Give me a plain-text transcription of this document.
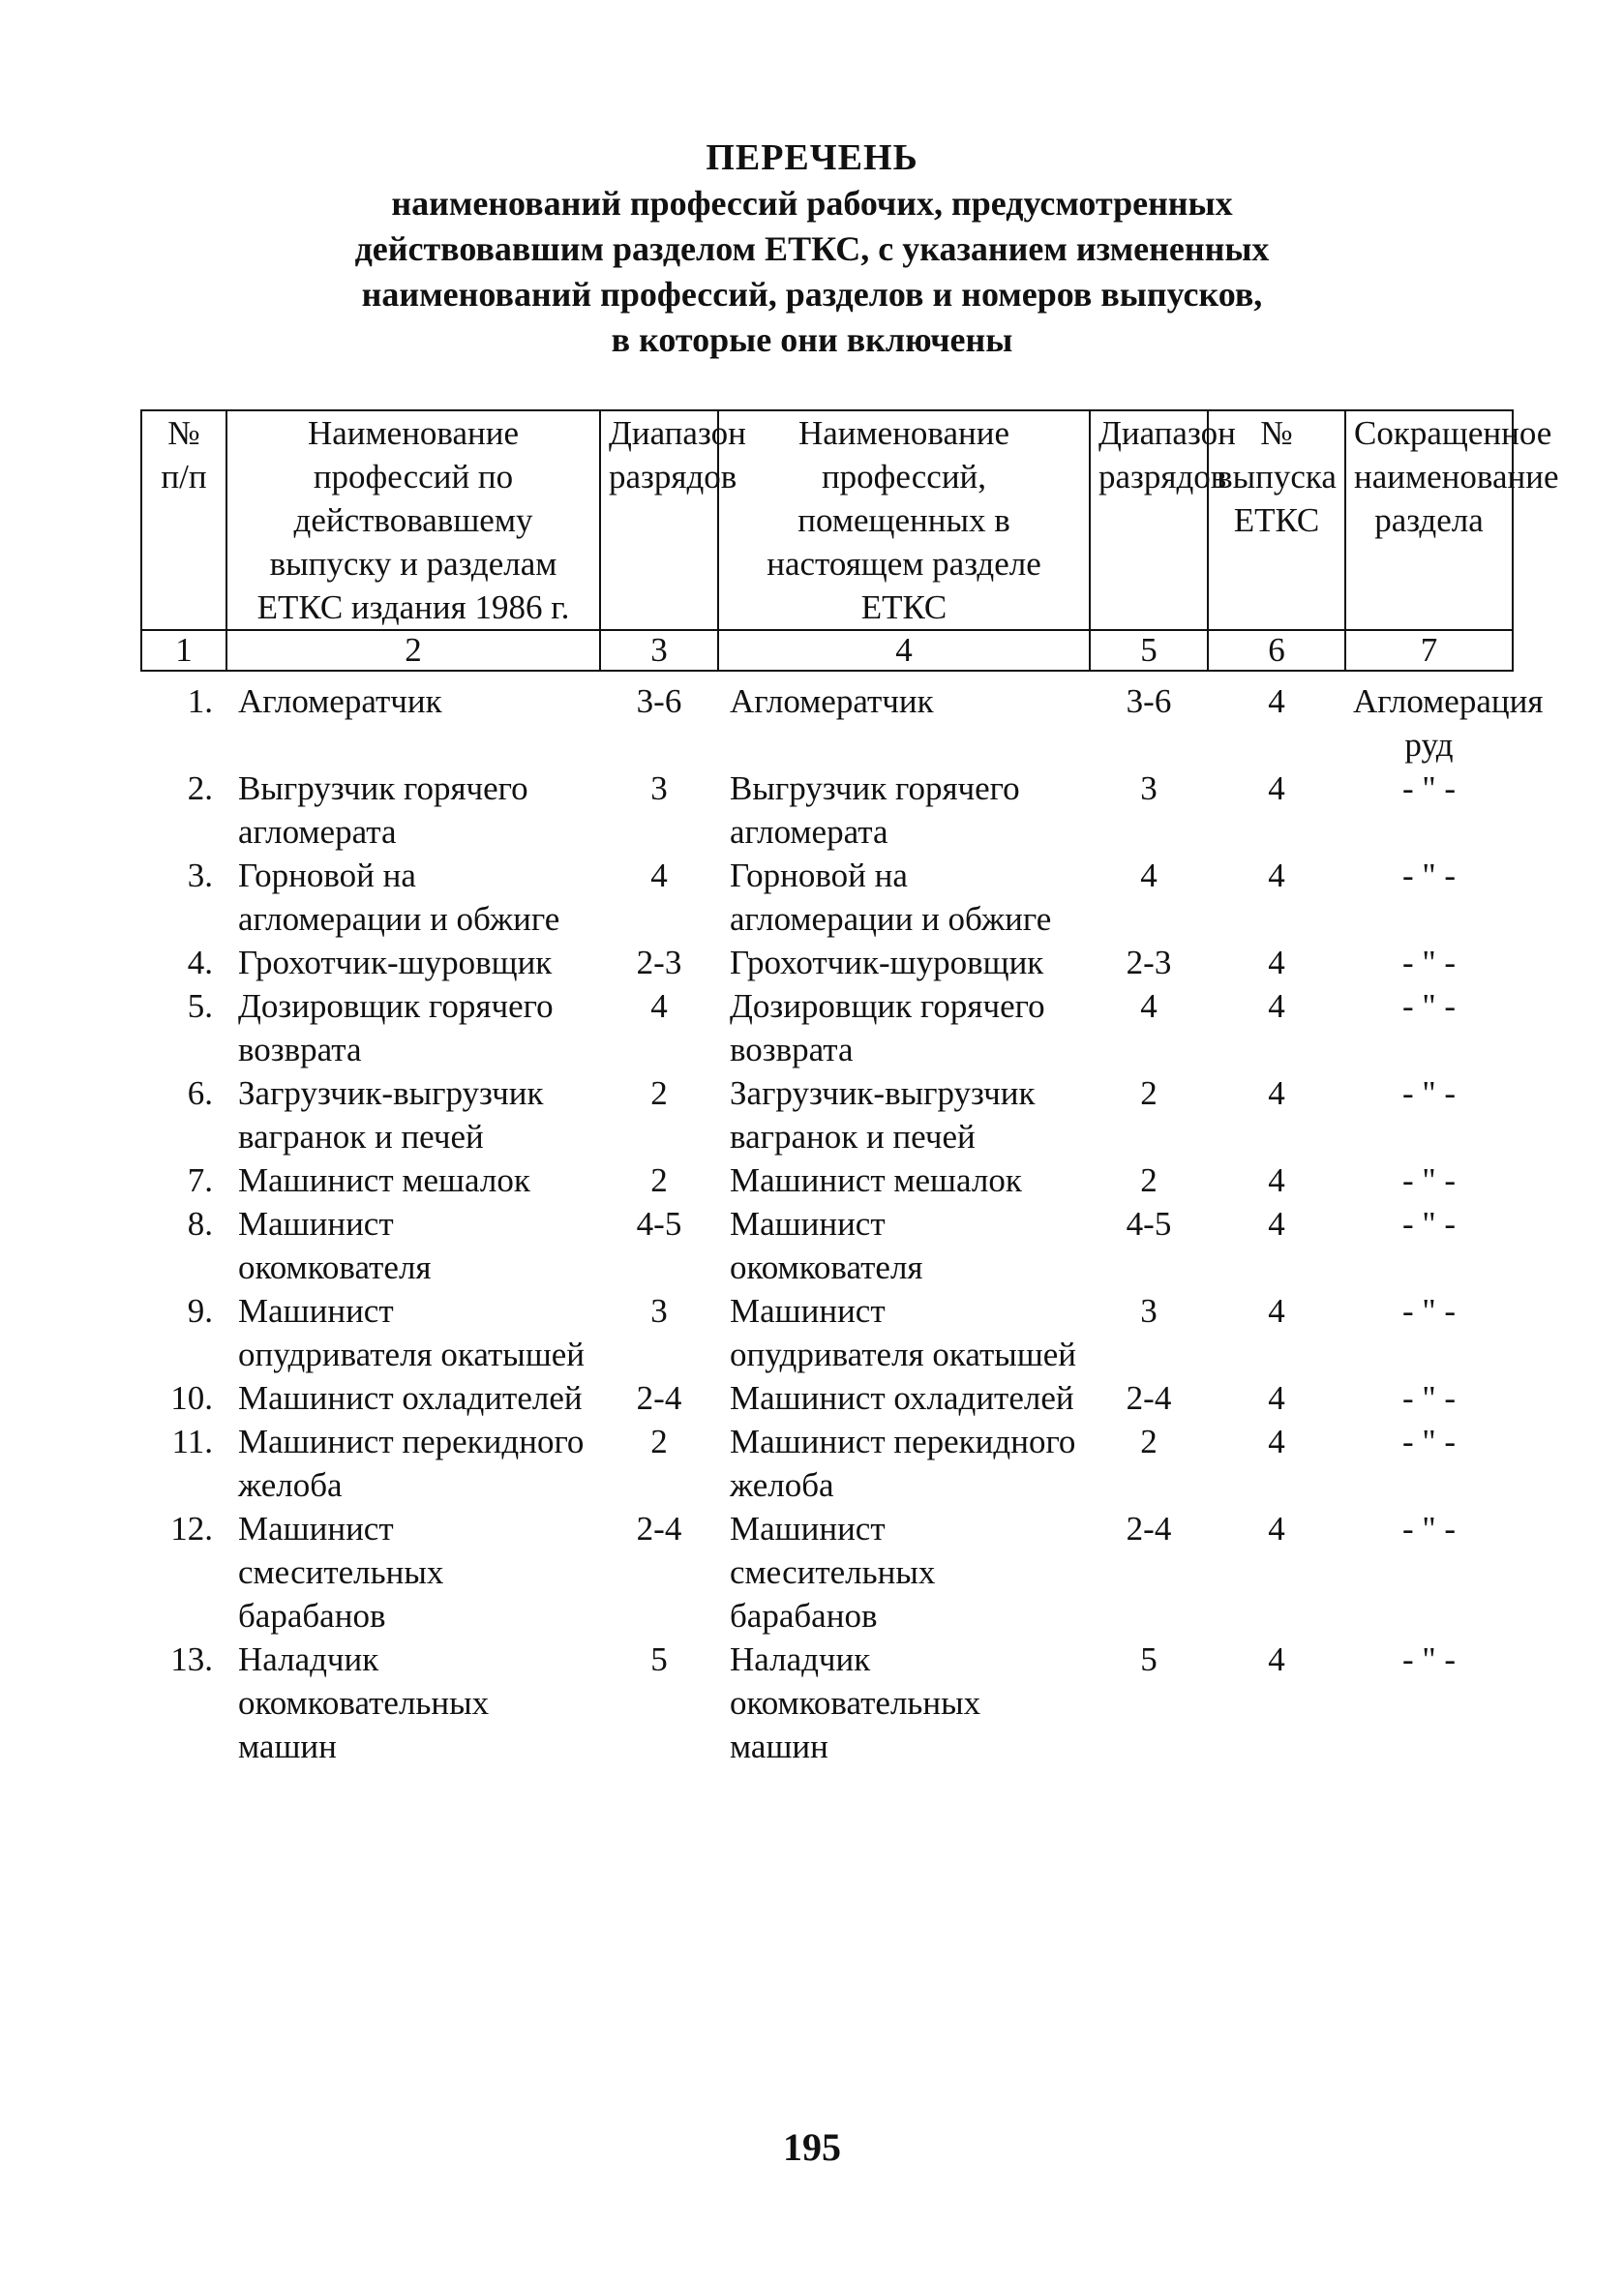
ПЕРЕЧЕНЬ
наименований профессий рабочих, предусмотренных
действовавшим разделом ЕТКС, с указанием измененных
наименований профессий, разделов и номеров выпусков,
в которые они включены
№ п/п	Наименование профессий по действовавшему выпуску и разделам ЕТКС издания 1986 г.	Диапазон разрядов	Наименование профессий, помещенных в настоящем разделе ЕТКС	Диапазон разрядов	№ выпуска ЕТКС	Сокращенное наименование раздела
1	2	3	4	5	6	7

1.	Агломератчик	3-6	Агломератчик	3-6	4	Агломерация руд
2.	Выгрузчик горячего агломерата	3	Выгрузчик горячего агломерата	3	4	- " -
3.	Горновой на агломерации и обжиге	4	Горновой на агломерации и обжиге	4	4	- " -
4.	Грохотчик-шуровщик	2-3	Грохотчик-шуровщик	2-3	4	- " -
5.	Дозировщик горячего возврата	4	Дозировщик горячего возврата	4	4	- " -
6.	Загрузчик-выгрузчик вагранок и печей	2	Загрузчик-выгрузчик вагранок и печей	2	4	- " -
7.	Машинист мешалок	2	Машинист мешалок	2	4	- " -
8.	Машинист окомкователя	4-5	Машинист окомкователя	4-5	4	- " -
9.	Машинист опудривателя окатышей	3	Машинист опудривателя окатышей	3	4	- " -
10.	Машинист охладителей	2-4	Машинист охладителей	2-4	4	- " -
11.	Машинист перекидного желоба	2	Машинист перекидного желоба	2	4	- " -
12.	Машинист смесительных барабанов	2-4	Машинист смесительных барабанов	2-4	4	- " -
13.	Наладчик окомковательных машин	5	Наладчик окомковательных машин	5	4	- " -
195
